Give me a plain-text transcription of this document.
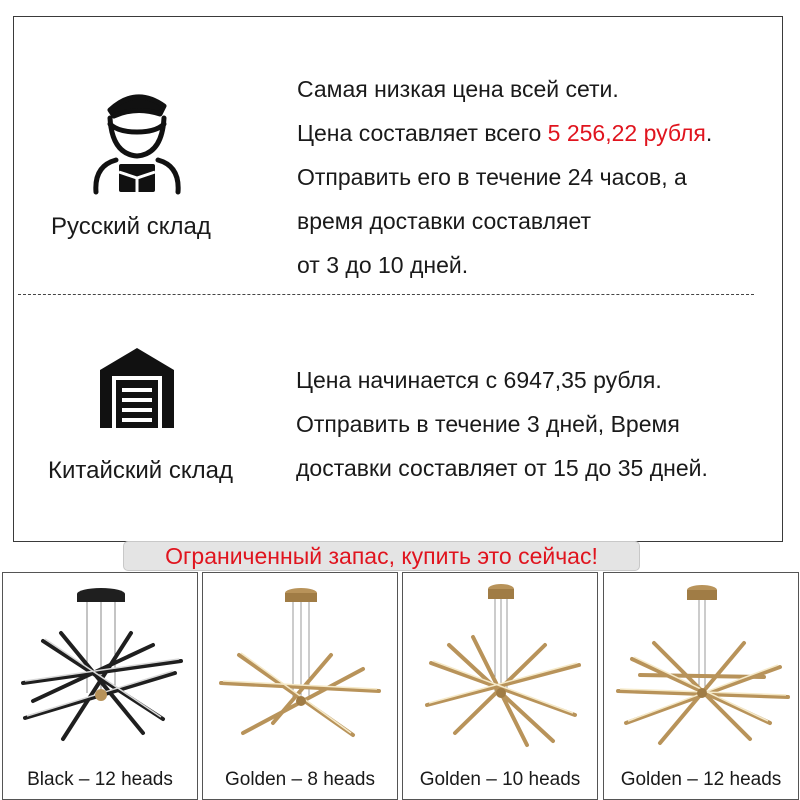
Русский склад
Самая низкая цена всей сети.
Цена составляет всего 5 256,22 рубля.
Отправить его в течение 24 часов, а
время доставки составляет
от 3 до 10 дней.
Китайский склад
Цена начинается с 6947,35 рубля.
Отправить в течение 3 дней, Время
доставки составляет от 15 до 35 дней.
Ограниченный запас, купить это сейчас!
Black – 12 heads	Golden – 8 heads	Golden – 10 heads	Golden – 12 heads
